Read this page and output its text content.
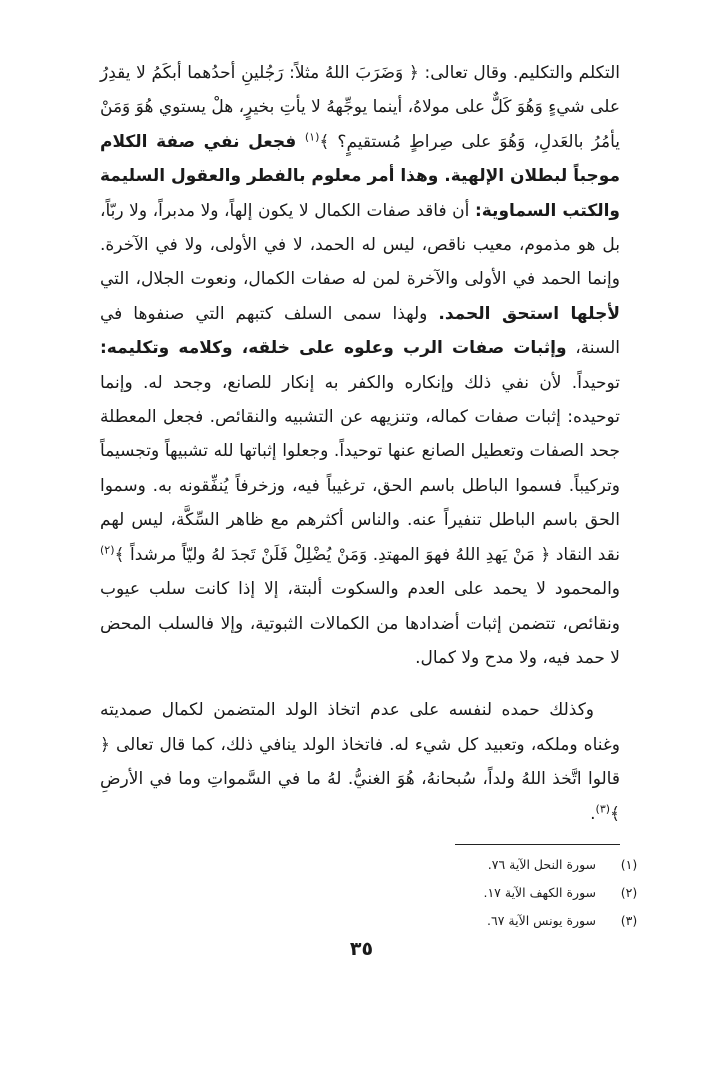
التكلم والتكليم. وقال تعالى: ﴿ وَضَرَبَ اللهُ مثلاً: رَجُلينِ أحدُهما أبكَمُ لا يقدِرُ على شيءٍ وَهُوَ كَلٌّ على مولاهُ، أينما يوجِّههُ لا يأتِ بخيرٍ، هلْ يستوي هُوَ وَمَنْ يأمُرُ بالعَدلِ، وَهُوَ على صِراطٍ مُستقيمٍ؟ ﴾$^{(١)}$ فجعل نفي صفة الكلام موجباً لبطلان الإلهية. وهذا أمر معلوم بالفطر والعقول السليمة والكتب السماوية: أن فاقد صفات الكمال لا يكون إلهاً، ولا مدبراً، ولا ربّاً، بل هو مذموم، معيب ناقص، ليس له الحمد، لا في الأولى، ولا في الآخرة. وإنما الحمد في الأولى والآخرة لمن له صفات الكمال، ونعوت الجلال، التي لأجلها استحق الحمد. ولهذا سمى السلف كتبهم التي صنفوها في السنة، وإثبات صفات الرب وعلوه على خلقه، وكلامه وتكليمه: توحيداً. لأن نفي ذلك وإنكاره والكفر به إنكار للصانع، وجحد له. وإنما توحيده: إثبات صفات كماله، وتنزيهه عن التشبيه والنقائص. فجعل المعطلة جحد الصفات وتعطيل الصانع عنها توحيداً. وجعلوا إثباتها لله تشبيهاً وتجسيماً وتركيباً. فسموا الباطل باسم الحق، ترغيباً فيه، وزخرفاً يُنفِّقونه به. وسموا الحق باسم الباطل تنفيراً عنه. والناس أكثرهم مع ظاهر السِّكَّة، ليس لهم نقد النقاد ﴿ مَنْ يَهدِ اللهُ فهوَ المهتدِ. وَمَنْ يُضْلِلْ فَلَنْ تَجدَ لهُ وليّاً مرشداً ﴾$^{(٢)}$ والمحمود لا يحمد على العدم والسكوت ألبتة، إلا إذا كانت سلب عيوب ونقائص، تتضمن إثبات أضدادها من الكمالات الثبوتية، وإلا فالسلب المحض لا حمد فيه، ولا مدح ولا كمال.

وكذلك حمده لنفسه على عدم اتخاذ الولد المتضمن لكمال صمديته وغناه وملكه، وتعبيد كل شيء له. فاتخاذ الولد ينافي ذلك، كما قال تعالى ﴿ قالوا اتَّخذ اللهُ ولداً، سُبحانهُ، هُوَ الغنيُّ. لهُ ما في السَّمواتِ وما في الأرضِ ﴾$^{(٣)}$.

(١)
سورة النحل الآية ٧٦.
(٢)
سورة الكهف الآية ١٧.
(٣)
سورة يونس الآية ٦٧.
٣٥
